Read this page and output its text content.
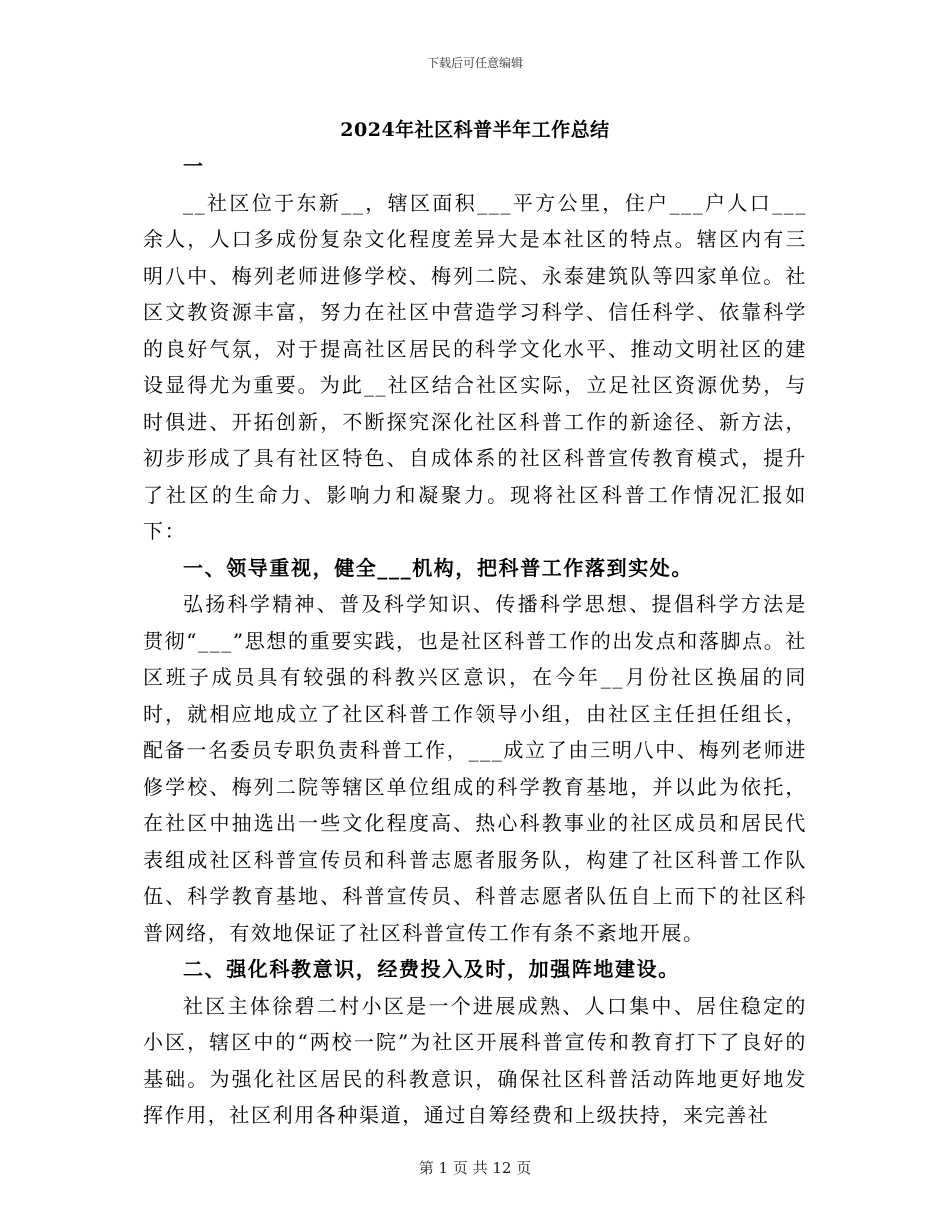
下载后可任意编辑
2024年社区科普半年工作总结

一

__社区位于东新__，辖区面积___平方公里，住户___户人口___余人，人口多成份复杂文化程度差异大是本社区的特点。辖区内有三明八中、梅列老师进修学校、梅列二院、永泰建筑队等四家单位。社区文教资源丰富，努力在社区中营造学习科学、信任科学、依靠科学的良好气氛，对于提高社区居民的科学文化水平、推动文明社区的建设显得尤为重要。为此__社区结合社区实际，立足社区资源优势，与时俱进、开拓创新，不断探究深化社区科普工作的新途径、新方法，初步形成了具有社区特色、自成体系的社区科普宣传教育模式，提升了社区的生命力、影响力和凝聚力。现将社区科普工作情况汇报如下：

一、领导重视，健全___机构，把科普工作落到实处。

弘扬科学精神、普及科学知识、传播科学思想、提倡科学方法是贯彻“___”思想的重要实践，也是社区科普工作的出发点和落脚点。社区班子成员具有较强的科教兴区意识，在今年__月份社区换届的同时，就相应地成立了社区科普工作领导小组，由社区主任担任组长，配备一名委员专职负责科普工作，___成立了由三明八中、梅列老师进修学校、梅列二院等辖区单位组成的科学教育基地，并以此为依托，在社区中抽选出一些文化程度高、热心科教事业的社区成员和居民代表组成社区科普宣传员和科普志愿者服务队，构建了社区科普工作队伍、科学教育基地、科普宣传员、科普志愿者队伍自上而下的社区科普网络，有效地保证了社区科普宣传工作有条不紊地开展。

二、强化科教意识，经费投入及时，加强阵地建设。

社区主体徐碧二村小区是一个进展成熟、人口集中、居住稳定的小区，辖区中的“两校一院”为社区开展科普宣传和教育打下了良好的基础。为强化社区居民的科教意识，确保社区科普活动阵地更好地发挥作用，社区利用各种渠道，通过自筹经费和上级扶持，来完善社

第 1 页 共 12 页
